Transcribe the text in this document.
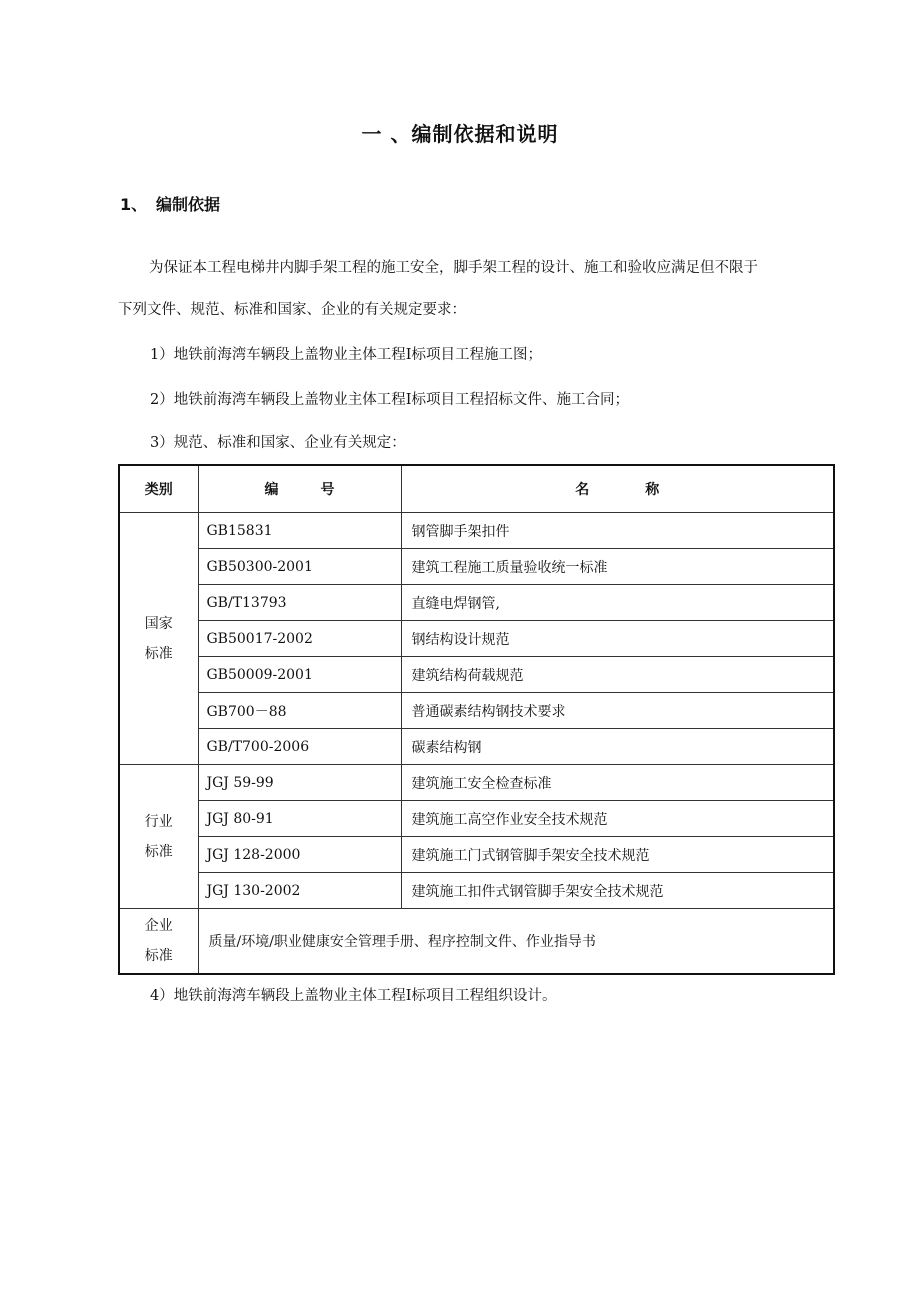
一 、编制依据和说明
1、 编制依据
为保证本工程电梯井内脚手架工程的施工安全，脚手架工程的设计、施工和验收应满足但不限于
下列文件、规范、标准和国家、企业的有关规定要求：
1）地铁前海湾车辆段上盖物业主体工程Ⅰ标项目工程施工图；
2）地铁前海湾车辆段上盖物业主体工程Ⅰ标项目工程招标文件、施工合同；
3）规范、标准和国家、企业有关规定：
类别	编　　　号	名　　　　称

国家
标准	GB15831	钢管脚手架扣件
	GB50300-2001	建筑工程施工质量验收统一标准
	GB/T13793	直缝电焊钢管,
	GB50017-2002	钢结构设计规范
	GB50009-2001	建筑结构荷载规范
	GB700－88	普通碳素结构钢技术要求
	GB/T700-2006	碳素结构钢

行业
标准	JGJ 59-99	建筑施工安全检查标准
	JGJ 80-91	建筑施工高空作业安全技术规范
	JGJ 128-2000	建筑施工门式钢管脚手架安全技术规范
	JGJ 130-2002	建筑施工扣件式钢管脚手架安全技术规范

企业
标准	质量/环境/职业健康安全管理手册、程序控制文件、作业指导书	
4）地铁前海湾车辆段上盖物业主体工程Ⅰ标项目工程组织设计。
